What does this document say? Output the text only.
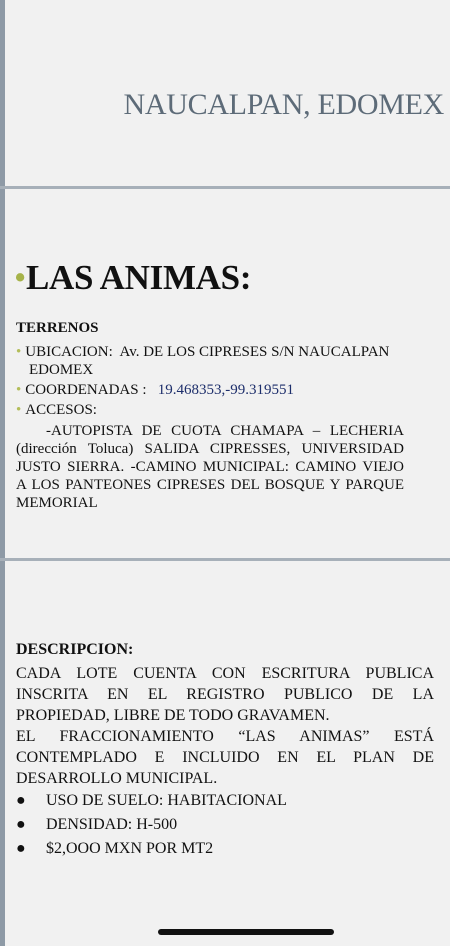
NAUCALPAN, EDOMEX
•LAS ANIMAS:
TERRENOS
• UBICACION: Av. DE LOS CIPRESES S/N NAUCALPAN
EDOMEX
• COORDENADAS : 19.468353,-99.319551
• ACCESOS:
-AUTOPISTA DE CUOTA CHAMAPA – LECHERIA (dirección Toluca) SALIDA CIPRESSES, UNIVERSIDAD JUSTO SIERRA. -CAMINO MUNICIPAL: CAMINO VIEJO A LOS PANTEONES CIPRESES DEL BOSQUE Y PARQUE MEMORIAL
DESCRIPCION:
CADA LOTE CUENTA CON ESCRITURA PUBLICA INSCRITA EN EL REGISTRO PUBLICO DE LA PROPIEDAD, LIBRE DE TODO GRAVAMEN.
EL FRACCIONAMIENTO “LAS ANIMAS” ESTÁ CONTEMPLADO E INCLUIDO EN EL PLAN DE DESARROLLO MUNICIPAL.
● USO DE SUELO: HABITACIONAL
● DENSIDAD: H-500
● $2,OOO MXN POR MT2
